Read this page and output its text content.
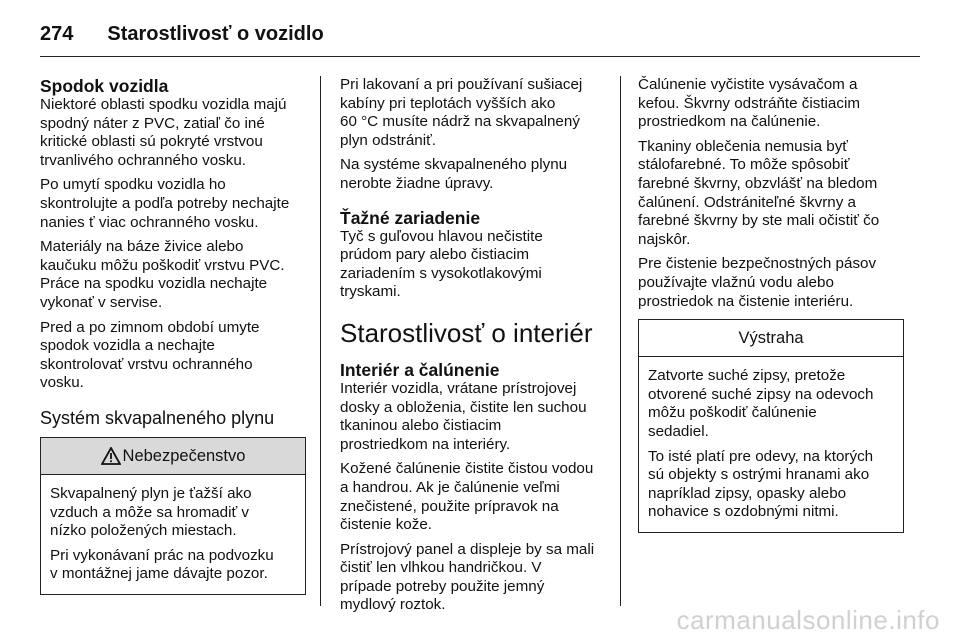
274 Starostlivosť o vozidlo
Spodok vozidla

Niektoré oblasti spodku vozidla majú
spodný náter z PVC, zatiaľ čo iné
kritické oblasti sú pokryté vrstvou
trvanlivého ochranného vosku.

Po umytí spodku vozidla ho
skontrolujte a podľa potreby nechajte
nanies ť viac ochranného vosku.

Materiály na báze živice alebo
kaučuku môžu poškodiť vrstvu PVC.
Práce na spodku vozidla nechajte
vykonať v servise.

Pred a po zimnom období umyte
spodok vozidla a nechajte
skontrolovať vrstvu ochranného
vosku.

Systém skvapalneného plynu
Nebezpečenstvo

Skvapalnený plyn je ťažší ako
vzduch a môže sa hromadiť v
nízko položených miestach.

Pri vykonávaní prác na podvozku
v montážnej jame dávajte pozor.

Pri lakovaní a pri používaní sušiacej
kabíny pri teplotách vyšších ako
60 °C musíte nádrž na skvapalnený
plyn odstrániť.

Na systéme skvapalneného plynu
nerobte žiadne úpravy.

Ťažné zariadenie

Tyč s guľovou hlavou nečistite
prúdom pary alebo čistiacim
zariadením s vysokotlakovými
tryskami.

Starostlivosť o interiér
Interiér a čalúnenie

Interiér vozidla, vrátane prístrojovej
dosky a obloženia, čistite len suchou
tkaninou alebo čistiacim
prostriedkom na interiéry.

Kožené čalúnenie čistite čistou vodou
a handrou. Ak je čalúnenie veľmi
znečistené, použite prípravok na
čistenie kože.

Prístrojový panel a displeje by sa mali
čistiť len vlhkou handričkou. V
prípade potreby použite jemný
mydlový roztok.

Čalúnenie vyčistite vysávačom a
kefou. Škvrny odstráňte čistiacim
prostriedkom na čalúnenie.

Tkaniny oblečenia nemusia byť
stálofarebné. To môže spôsobiť
farebné škvrny, obzvlášť na bledom
čalúnení. Odstrániteľné škvrny a
farebné škvrny by ste mali očistiť čo
najskôr.

Pre čistenie bezpečnostných pásov
používajte vlažnú vodu alebo
prostriedok na čistenie interiéru.

Výstraha

Zatvorte suché zipsy, pretože
otvorené suché zipsy na odevoch
môžu poškodiť čalúnenie
sedadiel.

To isté platí pre odevy, na ktorých
sú objekty s ostrými hranami ako
napríklad zipsy, opasky alebo
nohavice s ozdobnými nitmi.

carmanualsonline.info
